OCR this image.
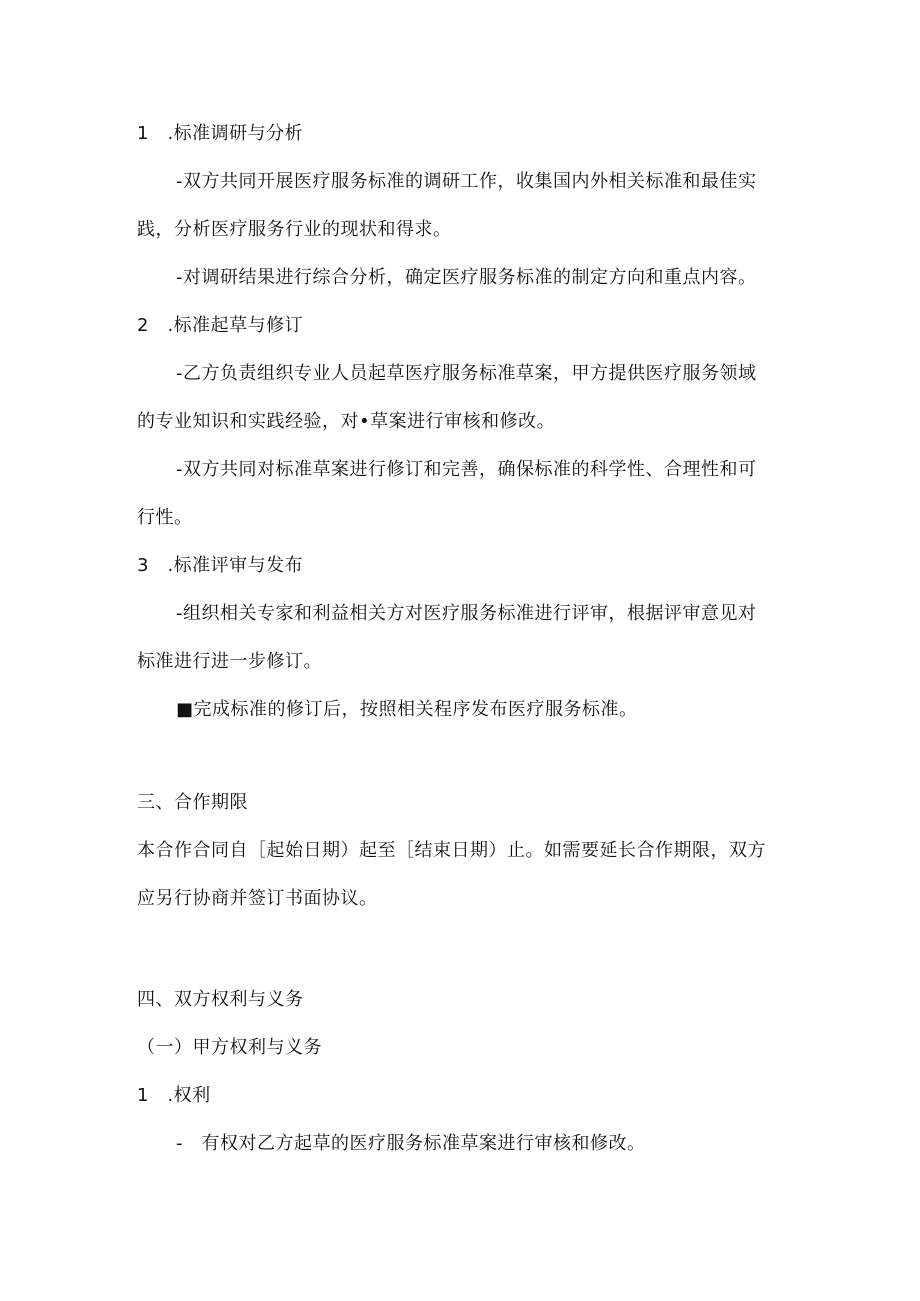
1　.标准调研与分析
-双方共同开展医疗服务标准的调研工作，收集国内外相关标准和最佳实
践，分析医疗服务行业的现状和得求。
-对调研结果进行综合分析，确定医疗服务标准的制定方向和重点内容。
2　.标准起草与修订
-乙方负责组织专业人员起草医疗服务标准草案，甲方提供医疗服务领域
的专业知识和实践经验，对•草案进行审核和修改。
-双方共同对标准草案进行修订和完善，确保标准的科学性、合理性和可
行性。
3　.标准评审与发布
-组织相关专家和利益相关方对医疗服务标准进行评审，根据评审意见对
标准进行进一步修订。
■完成标准的修订后，按照相关程序发布医疗服务标准。
三、合作期限
本合作合同自［起始日期）起至［结束日期）止。如需要延长合作期限，双方
应另行协商并签订书面协议。
四、双方权利与义务
（一）甲方权利与义务
1　.权利
-　有权对乙方起草的医疗服务标准草案进行审核和修改。
